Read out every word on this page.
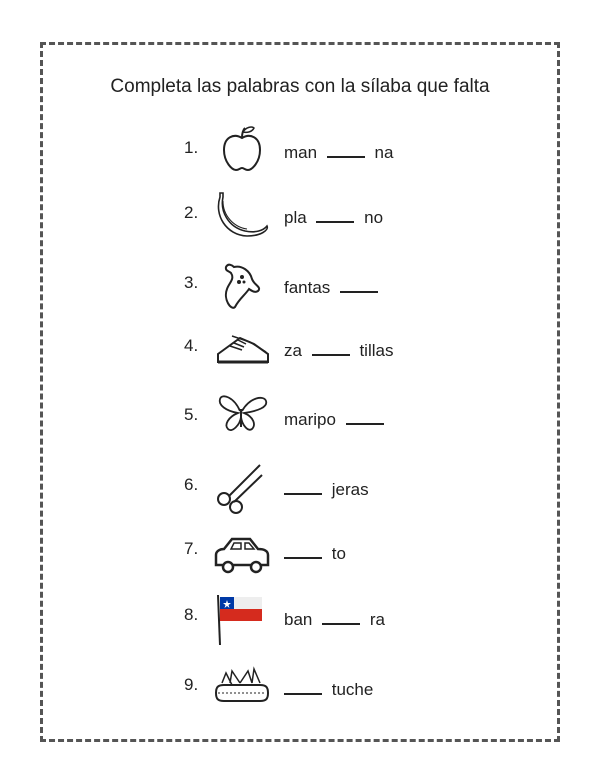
Completa las palabras con la sílaba que falta
1.	man	na
2.	pla	no
3.	fantas
4.	za	tillas
5.	maripo
6.	jeras
7.	to
8.	ban	ra
9.	tuche
